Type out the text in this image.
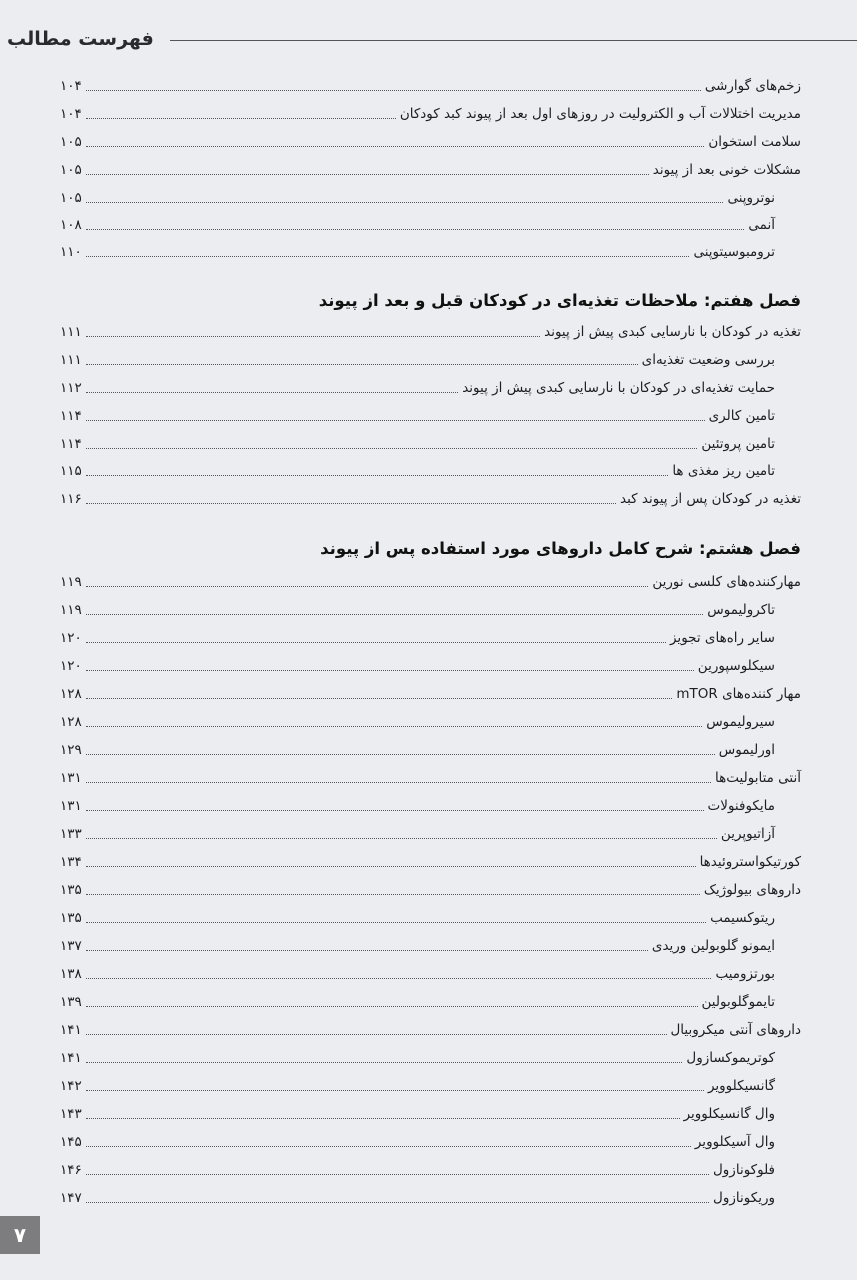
فهرست مطالب
زخم‌های گوارشی
۱۰۴
مدیریت اختلالات آب و الکترولیت در روزهای اول بعد از پیوند کبد کودکان
۱۰۴
سلامت استخوان
۱۰۵
مشکلات خونی بعد از پیوند
۱۰۵
نوتروپنی
۱۰۵
آنمی
۱۰۸
ترومبوسیتوپنی
۱۱۰
فصل هفتم: ملاحظات تغذیه‌ای در کودکان قبل و بعد از پیوند
تغذیه در کودکان با نارسایی کبدی پیش از پیوند
۱۱۱
بررسی وضعیت تغذیه‌ای
۱۱۱
حمایت تغذیه‌ای در کودکان با نارسایی کبدی پیش از پیوند
۱۱۲
تامین کالری
۱۱۴
تامین پروتئین
۱۱۴
تامین ریز مغذی ها
۱۱۵
تغذیه در کودکان پس از پیوند کبد
۱۱۶
فصل هشتم: شرح کامل داروهای مورد استفاده پس از پیوند
مهارکننده‌های کلسی نورین
۱۱۹
تاکرولیموس
۱۱۹
سایر راه‌های تجویز
۱۲۰
سیکلوسپورین
۱۲۰
مهار کننده‌های mTOR
۱۲۸
سیرولیموس
۱۲۸
اورلیموس
۱۲۹
آنتی متابولیت‌ها
۱۳۱
مایکوفنولات
۱۳۱
آزاتیوپرین
۱۳۳
کورتیکواستروئیدها
۱۳۴
داروهای بیولوژیک
۱۳۵
ریتوکسیمب
۱۳۵
ایمونو گلوبولین وریدی
۱۳۷
بورتزومیب
۱۳۸
تایموگلوبولین
۱۳۹
داروهای آنتی میکروبیال
۱۴۱
کوتریموکسازول
۱۴۱
گانسیکلوویر
۱۴۲
وال گانسیکلوویر
۱۴۳
وال آسیکلوویر
۱۴۵
فلوکونازول
۱۴۶
وریکونازول
۱۴۷
۷
